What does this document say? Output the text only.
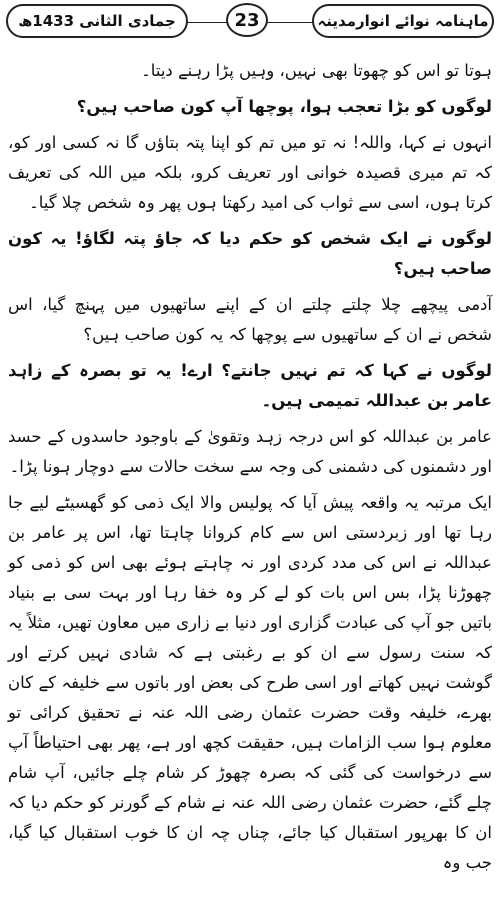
جمادی الثانی 1433ھ	23	ماہنامہ نوائے انوارمدینہ

ہوتا تو اس کو چھوتا بھی نہیں، وہیں پڑا رہنے دیتا۔

لوگوں کو بڑا تعجب ہوا، پوچھا آپ کون صاحب ہیں؟

انہوں نے کہا، واللہ! نہ تو میں تم کو اپنا پتہ بتاؤں گا نہ کسی اور کو، کہ تم میری قصیدہ خوانی اور تعریف کرو، بلکہ میں اللہ کی تعریف کرتا ہوں، اسی سے ثواب کی امید رکھتا ہوں پھر وہ شخص چلا گیا۔

لوگوں نے ایک شخص کو حکم دیا کہ جاؤ پتہ لگاؤ! یہ کون صاحب ہیں؟

آدمی پیچھے چلا چلتے چلتے ان کے اپنے ساتھیوں میں پہنچ گیا، اس شخص نے ان کے ساتھیوں سے پوچھا کہ یہ کون صاحب ہیں؟

لوگوں نے کہا کہ تم نہیں جانتے؟ ارے! یہ تو بصرہ کے زاہد عامر بن عبداللہ تمیمی ہیں۔

عامر بن عبداللہ کو اس درجہ زہد وتقویٰ کے باوجود حاسدوں کے حسد اور دشمنوں کی دشمنی کی وجہ سے سخت حالات سے دوچار ہونا پڑا۔

ایک مرتبہ یہ واقعہ پیش آیا کہ پولیس والا ایک ذمی کو گھسیٹے لیے جا رہا تھا اور زبردستی اس سے کام کروانا چاہتا تھا، اس پر عامر بن عبداللہ نے اس کی مدد کردی اور نہ چاہتے ہوئے بھی اس کو ذمی کو چھوڑنا پڑا، بس اس بات کو لے کر وہ خفا رہا اور بہت سی بے بنیاد باتیں جو آپ کی عبادت گزاری اور دنیا بے زاری میں معاون تھیں، مثلاً یہ کہ سنت رسول سے ان کو بے رغبتی ہے کہ شادی نہیں کرتے اور گوشت نہیں کھاتے اور اسی طرح کی بعض اور باتوں سے خلیفہ کے کان بھرے، خلیفہ وقت حضرت عثمان رضی اللہ عنہ نے تحقیق کرائی تو معلوم ہوا سب الزامات ہیں، حقیقت کچھ اور ہے، پھر بھی احتیاطاً آپ سے درخواست کی گئی کہ بصرہ چھوڑ کر شام چلے جائیں، آپ شام چلے گئے، حضرت عثمان رضی اللہ عنہ نے شام کے گورنر کو حکم دیا کہ ان کا بھرپور استقبال کیا جائے، چناں چہ ان کا خوب استقبال کیا گیا، جب وہ
